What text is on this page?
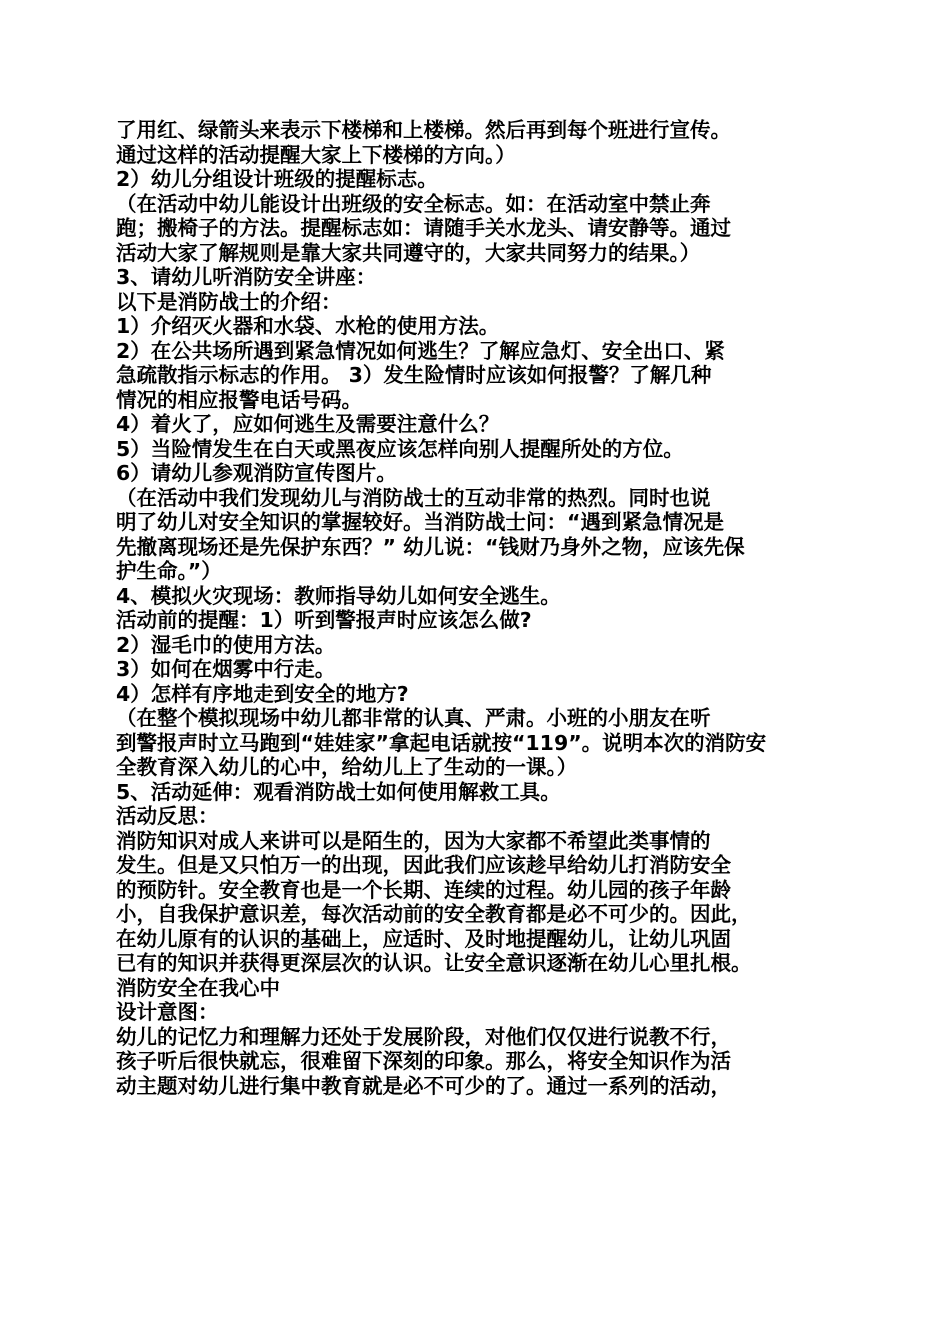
了用红、绿箭头来表示下楼梯和上楼梯。然后再到每个班进行宣传。
通过这样的活动提醒大家上下楼梯的方向。）
2）幼儿分组设计班级的提醒标志。
（在活动中幼儿能设计出班级的安全标志。如：在活动室中禁止奔
跑；搬椅子的方法。提醒标志如：请随手关水龙头、请安静等。通过
活动大家了解规则是靠大家共同遵守的，大家共同努力的结果。）
3、请幼儿听消防安全讲座：
以下是消防战士的介绍：
1）介绍灭火器和水袋、水枪的使用方法。
2）在公共场所遇到紧急情况如何逃生？了解应急灯、安全出口、紧
急疏散指示标志的作用。 3）发生险情时应该如何报警？了解几种
情况的相应报警电话号码。
4）着火了，应如何逃生及需要注意什么？
5）当险情发生在白天或黑夜应该怎样向别人提醒所处的方位。
6）请幼儿参观消防宣传图片。
（在活动中我们发现幼儿与消防战士的互动非常的热烈。同时也说
明了幼儿对安全知识的掌握较好。当消防战士问：“遇到紧急情况是
先撤离现场还是先保护东西？” 幼儿说：“钱财乃身外之物，应该先保
护生命。”）
4、模拟火灾现场：教师指导幼儿如何安全逃生。
活动前的提醒：1）听到警报声时应该怎么做?
2）湿毛巾的使用方法。
3）如何在烟雾中行走。
4）怎样有序地走到安全的地方?
（在整个模拟现场中幼儿都非常的认真、严肃。小班的小朋友在听
到警报声时立马跑到“娃娃家”拿起电话就按“119”。说明本次的消防安
全教育深入幼儿的心中，给幼儿上了生动的一课。）
5、活动延伸：观看消防战士如何使用解救工具。
活动反思：
消防知识对成人来讲可以是陌生的，因为大家都不希望此类事情的
发生。但是又只怕万一的出现，因此我们应该趁早给幼儿打消防安全
的预防针。安全教育也是一个长期、连续的过程。幼儿园的孩子年龄
小，自我保护意识差，每次活动前的安全教育都是必不可少的。因此，
在幼儿原有的认识的基础上，应适时、及时地提醒幼儿，让幼儿巩固
已有的知识并获得更深层次的认识。让安全意识逐渐在幼儿心里扎根。
消防安全在我心中
设计意图：
幼儿的记忆力和理解力还处于发展阶段，对他们仅仅进行说教不行，
孩子听后很快就忘，很难留下深刻的印象。那么，将安全知识作为活
动主题对幼儿进行集中教育就是必不可少的了。通过一系列的活动，
